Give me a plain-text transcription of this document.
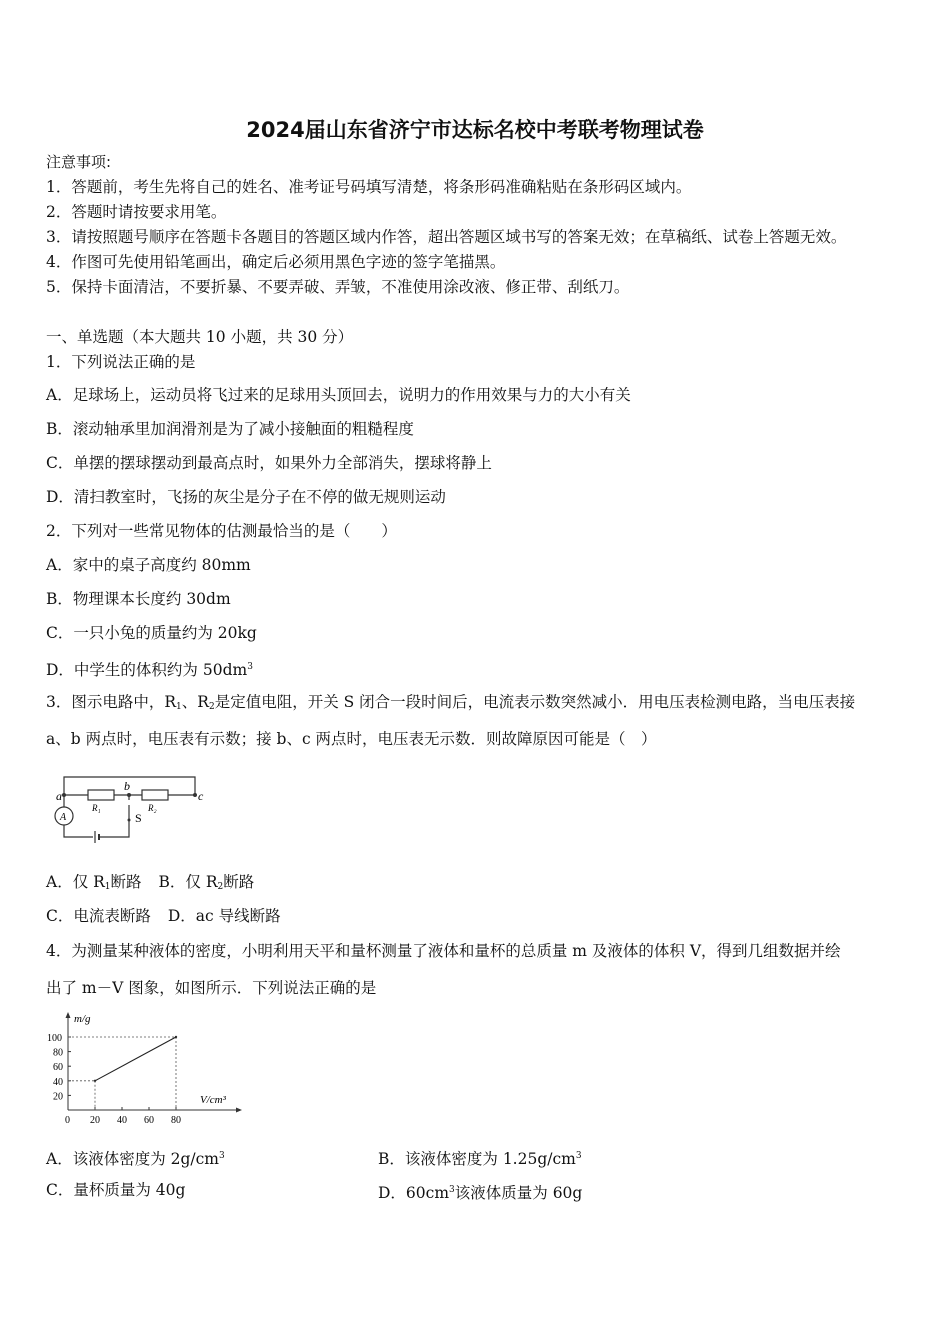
2024届山东省济宁市达标名校中考联考物理试卷
注意事项:
1．答题前，考生先将自己的姓名、准考证号码填写清楚，将条形码准确粘贴在条形码区域内。
2．答题时请按要求用笔。
3．请按照题号顺序在答题卡各题目的答题区域内作答，超出答题区域书写的答案无效；在草稿纸、试卷上答题无效。
4．作图可先使用铅笔画出，确定后必须用黑色字迹的签字笔描黑。
5．保持卡面清洁，不要折暴、不要弄破、弄皱，不准使用涂改液、修正带、刮纸刀。
一、单选题（本大题共 10 小题，共 30 分）
1．下列说法正确的是
A．足球场上，运动员将飞过来的足球用头顶回去，说明力的作用效果与力的大小有关
B．滚动轴承里加润滑剂是为了减小接触面的粗糙程度
C．单摆的摆球摆动到最高点时，如果外力全部消失，摆球将静上
D．清扫教室时，飞扬的灰尘是分子在不停的做无规则运动
2．下列对一些常见物体的估测最恰当的是（　　）
A．家中的桌子高度约 80mm
B．物理课本长度约 30dm
C．一只小兔的质量约为 20kg
D．中学生的体积约为 $50dm^3$
3．图示电路中，$R_1$、$R_2$是定值电阻，开关 S 闭合一段时间后，电流表示数突然减小．用电压表检测电路，当电压表接
a、b 两点时，电压表有示数；接 b、c 两点时，电压表无示数．则故障原因可能是（　）
a
b
c
R₁	R₂
S
A
A．仅 $R_1$断路 B．仅 $R_2$断路
C．电流表断路 D．ac 导线断路
4．为测量某种液体的密度，小明利用天平和量杯测量了液体和量杯的总质量 m 及液体的体积 V，得到几组数据并绘
出了 m－V 图象，如图所示．下列说法正确的是
0 20 40 60 80
20
40
60
80
100
m/g
V/cm³
A．该液体密度为 $2g/cm^3$	B．该液体密度为 $1.25g/cm^3$
C．量杯质量为 40g	D．$60cm^3$该液体质量为 60g
